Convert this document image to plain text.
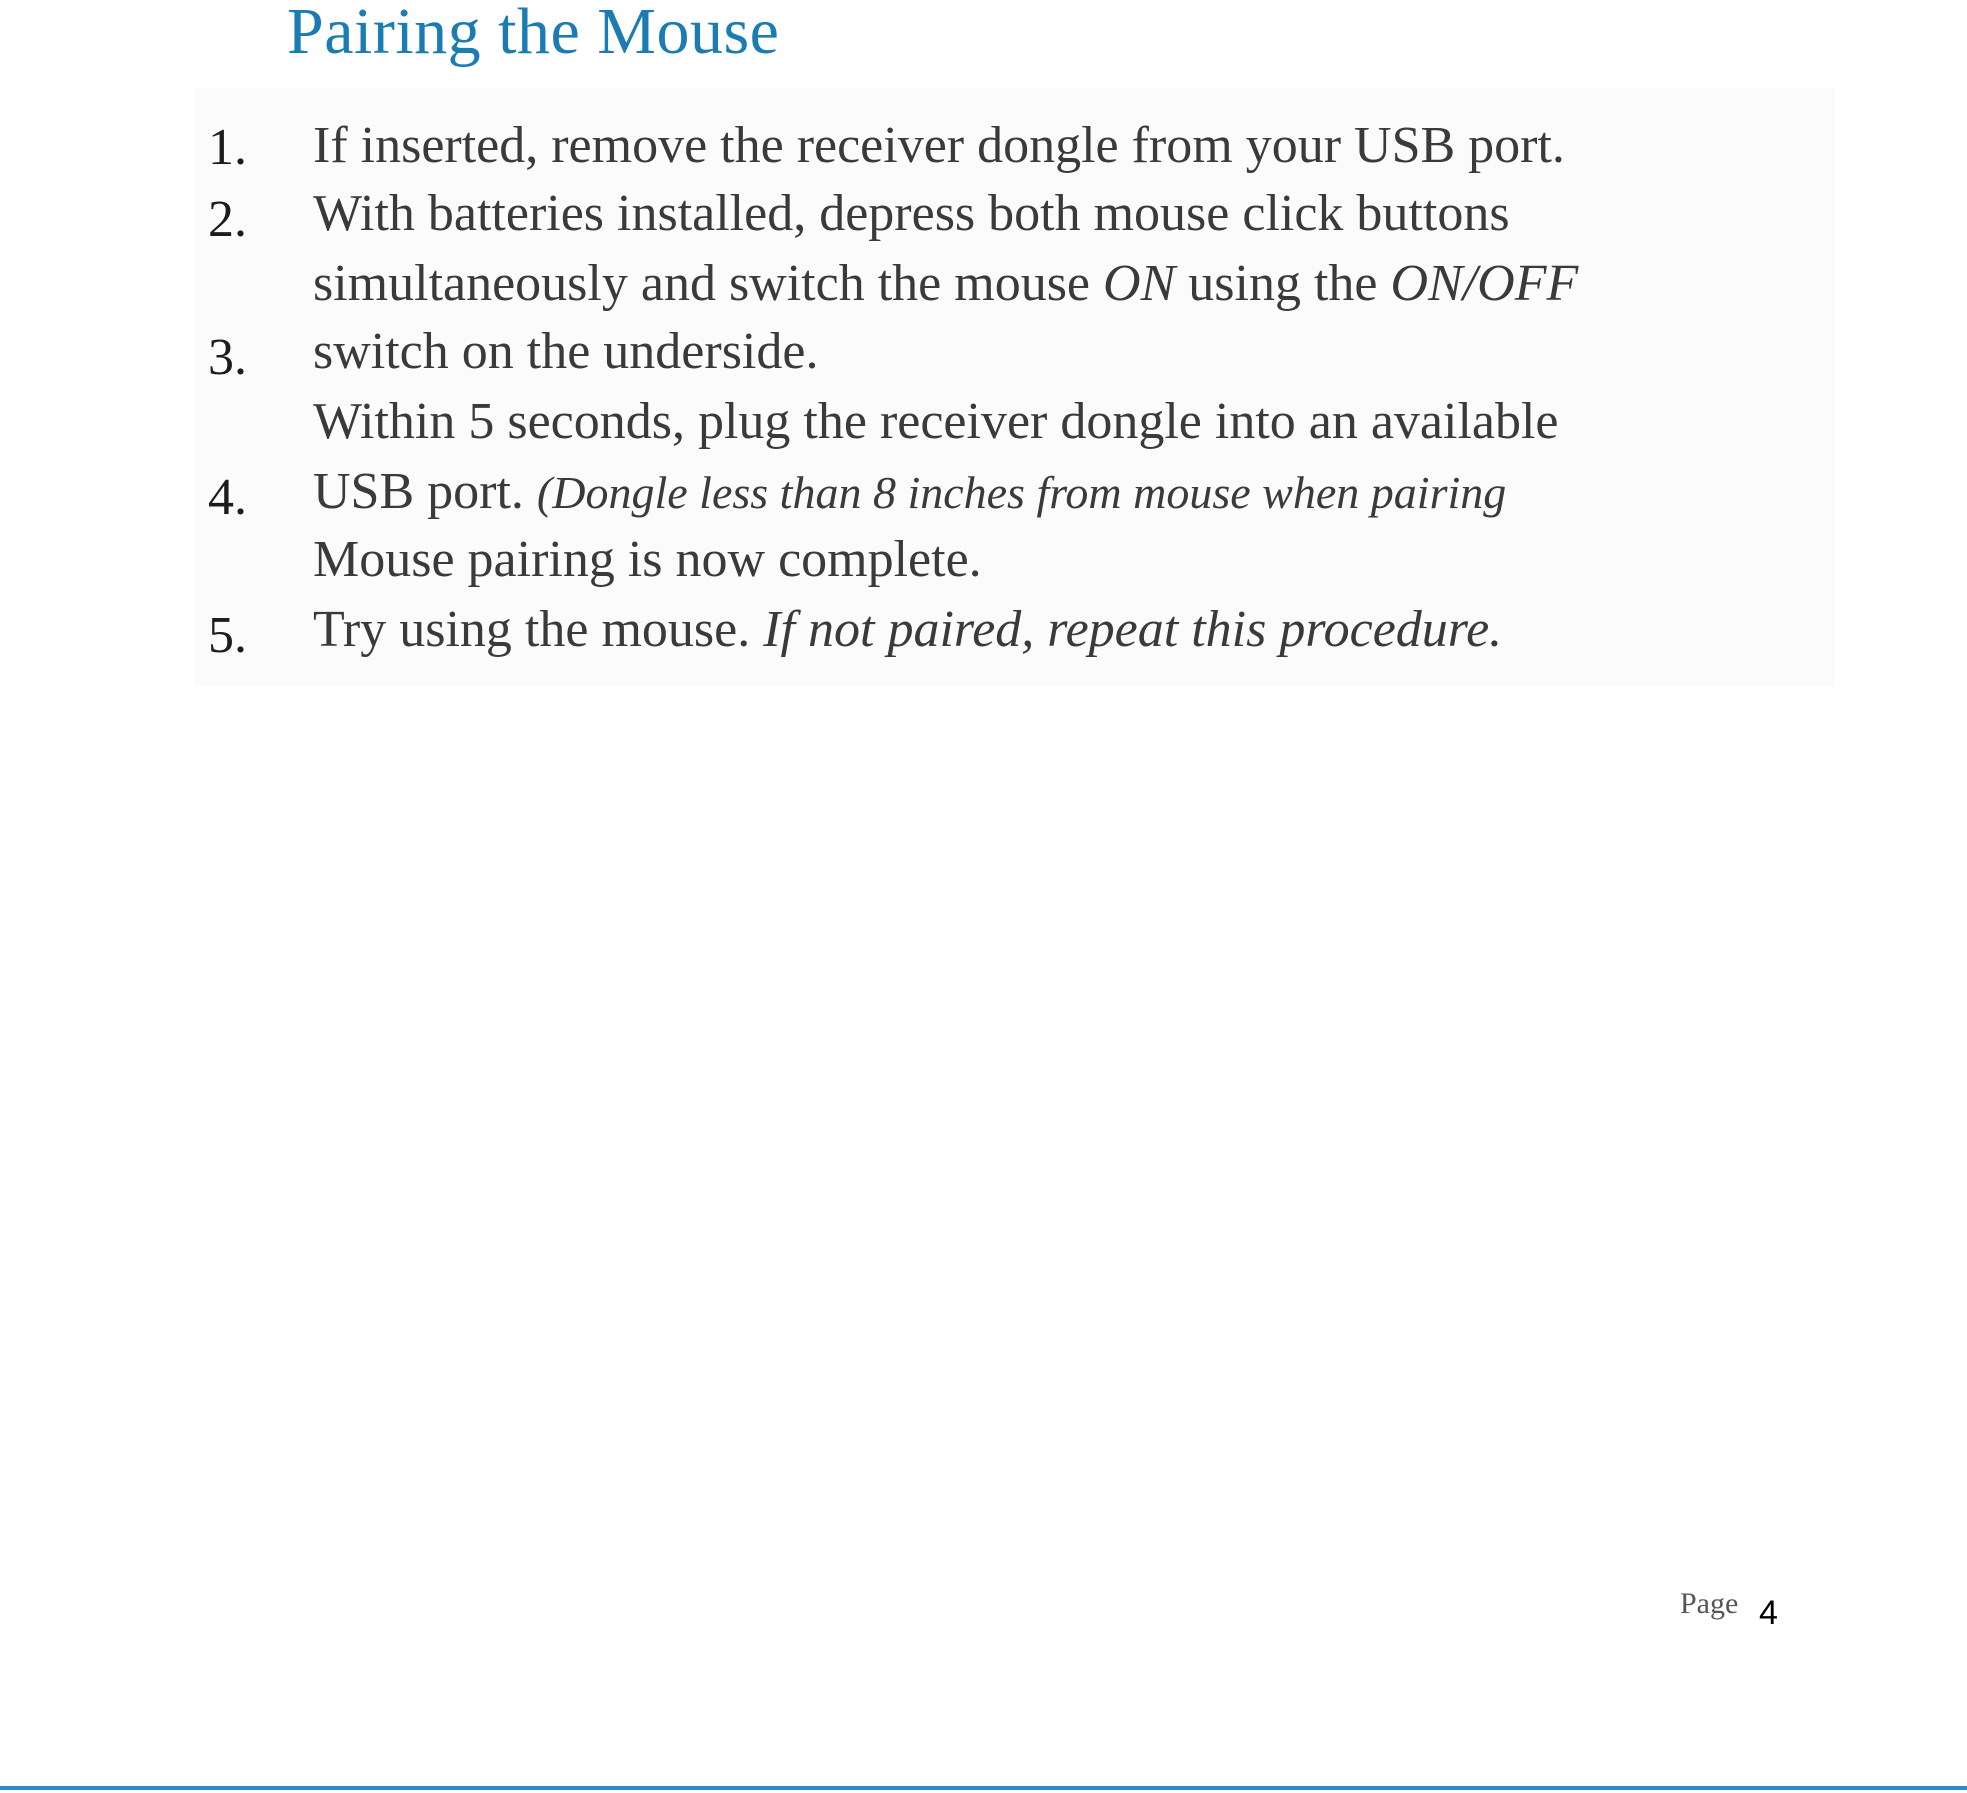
Pairing the Mouse
1.
2.
3.
4.
5.
If inserted, remove the receiver dongle from your USB port.
With batteries installed, depress both mouse click buttons
simultaneously and switch the mouse ON using the ON/OFF
switch on the underside.
Within 5 seconds, plug the receiver dongle into an available
USB port. (Dongle less than 8 inches from mouse when pairing
Mouse pairing is now complete.
Try using the mouse. If not paired, repeat this procedure.
Page 4
